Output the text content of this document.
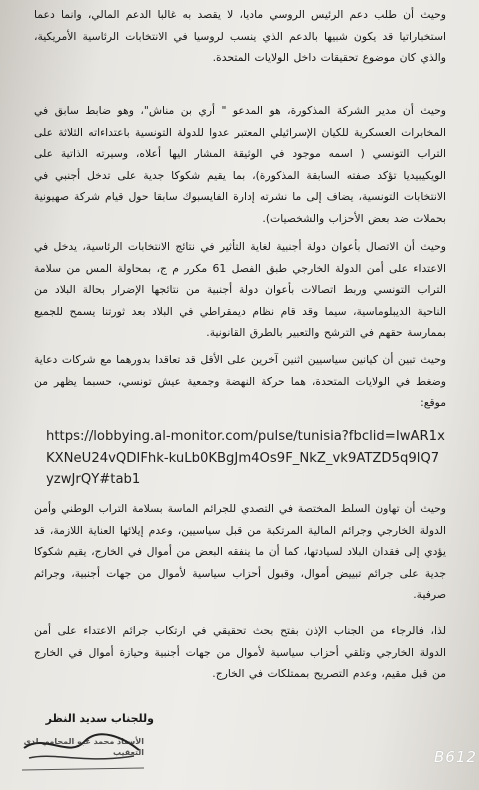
وحيث أن طلب دعم الرئيس الروسي ماديا، لا يقصد به غالبا الدعم المالي، وانما دعما استخباراتيا قد يكون شبيها بالدعم الذي ينسب لروسيا في الانتخابات الرئاسية الأمريكية، والذي كان موضوع تحقيقات داخل الولايات المتحدة.

وحيث أن مدير الشركة المذكورة، هو المدعو " أري بن مناش"، وهو ضابط سابق في المخابرات العسكرية للكيان الإسرائيلي المعتبر عدوا للدولة التونسية باعتداءاته الثلاثة على التراب التونسي ( اسمه موجود في الوثيقة المشار اليها أعلاه، وسيرته الذاتية على الويكيبيديا تؤكد صفته السابقة المذكورة)، بما يقيم شكوكا جدية على تدخل أجنبي في الانتخابات التونسية، يضاف إلى ما نشرته إدارة الفايسبوك سابقا حول قيام شركة صهيونية بحملات ضد بعض الأحزاب والشخصيات).

وحيث أن الاتصال بأعوان دولة أجنبية لغاية التأثير في نتائج الانتخابات الرئاسية، يدخل في الاعتداء على أمن الدولة الخارجي طبق الفصل 61 مكرر م ج، بمحاولة المس من سلامة التراب التونسي وربط اتصالات بأعوان دولة أجنبية من نتائجها الإضرار بحالة البلاد من الناحية الديبلوماسية، سيما وقد قام نظام ديمقراطي في البلاد بعد ثورتنا يسمح للجميع بممارسة حقهم في الترشح والتعبير بالطرق القانونية.

وحيث تبين أن كيانين سياسيين اثنين آخرين على الأقل قد تعاقدا بدورهما مع شركات دعاية وضغط في الولايات المتحدة، هما حركة النهضة وجمعية عيش تونسي، حسبما يظهر من موقع:

https://lobbying.al-monitor.com/pulse/tunisia?fbclid=IwAR1xKXNeU24vQDIFhk-kuLb0KBgJm4Os9F_NkZ_vk9ATZD5q9lQ7yzwJrQY#tab1

وحيث أن تهاون السلط المختصة في التصدي للجرائم الماسة بسلامة التراب الوطني وأمن الدولة الخارجي وجرائم المالية المرتكبة من قبل سياسيين، وعدم إيلائها العناية اللازمة، قد يؤدي إلى فقدان البلاد لسيادتها، كما أن ما ينفقه البعض من أموال في الخارج، يقيم شكوكا جدية على جرائم تبييض أموال، وقبول أحزاب سياسية لأموال من جهات أجنبية، وجرائم صرفية.

لذا، فالرجاء من الجناب الإذن بفتح بحث تحقيقي في ارتكاب جرائم الاعتداء على أمن الدولة الخارجي وتلقي أحزاب سياسية لأموال من جهات أجنبية وحيازة أموال في الخارج من قبل مقيم، وعدم التصريح بممتلكات في الخارج.

وللجناب سديد النظر
الأستاذ محمد عبو المحامي لدى التعقيب	B612
